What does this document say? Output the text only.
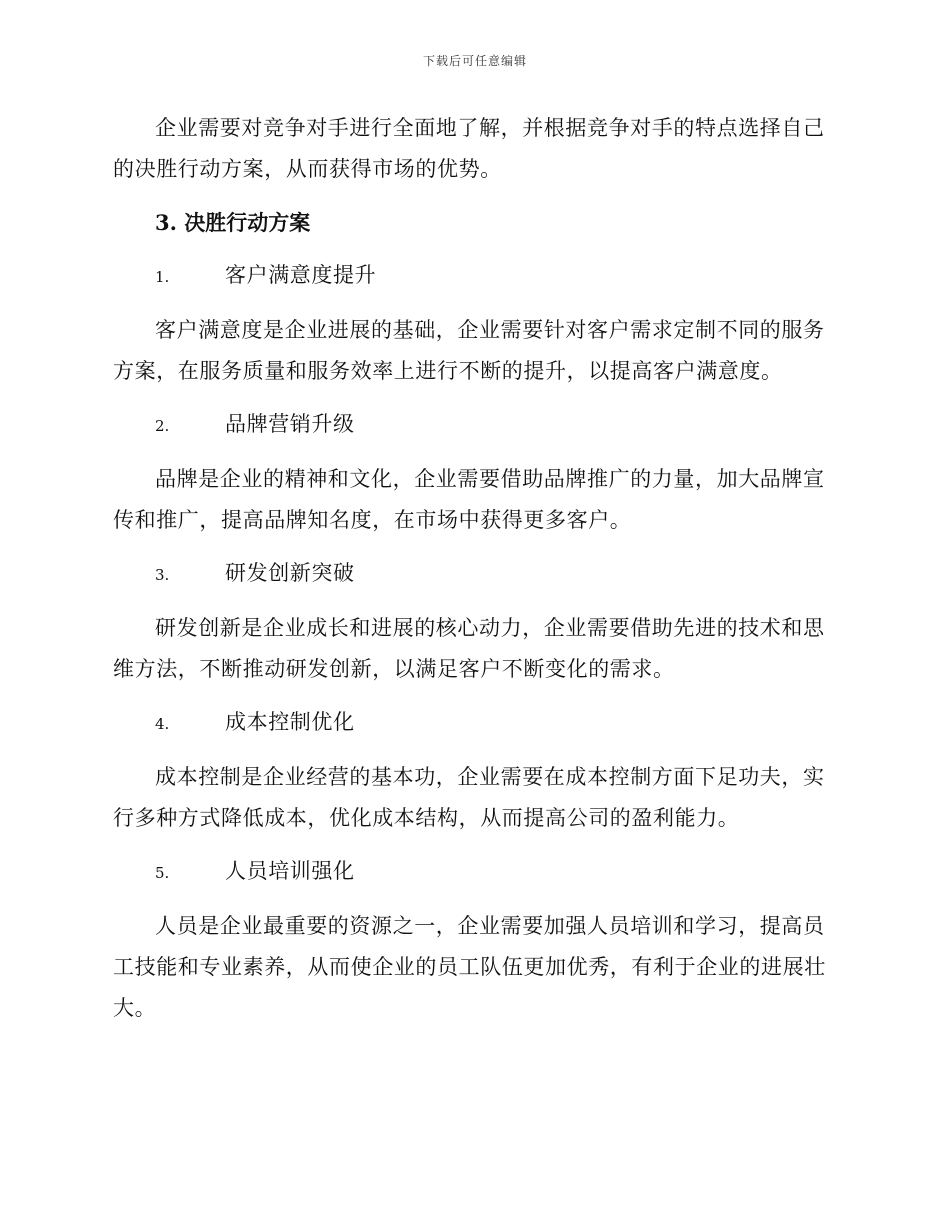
下载后可任意编辑

企业需要对竞争对手进行全面地了解，并根据竞争对手的特点选择自己的决胜行动方案，从而获得市场的优势。

3. 决胜行动方案
1.	客户满意度提升

客户满意度是企业进展的基础，企业需要针对客户需求定制不同的服务方案，在服务质量和服务效率上进行不断的提升，以提高客户满意度。

2.	品牌营销升级

品牌是企业的精神和文化，企业需要借助品牌推广的力量，加大品牌宣传和推广，提高品牌知名度，在市场中获得更多客户。

3.	研发创新突破

研发创新是企业成长和进展的核心动力，企业需要借助先进的技术和思维方法，不断推动研发创新，以满足客户不断变化的需求。

4.	成本控制优化

成本控制是企业经营的基本功，企业需要在成本控制方面下足功夫，实行多种方式降低成本，优化成本结构，从而提高公司的盈利能力。

5.	人员培训强化

人员是企业最重要的资源之一，企业需要加强人员培训和学习，提高员工技能和专业素养，从而使企业的员工队伍更加优秀，有利于企业的进展壮大。
